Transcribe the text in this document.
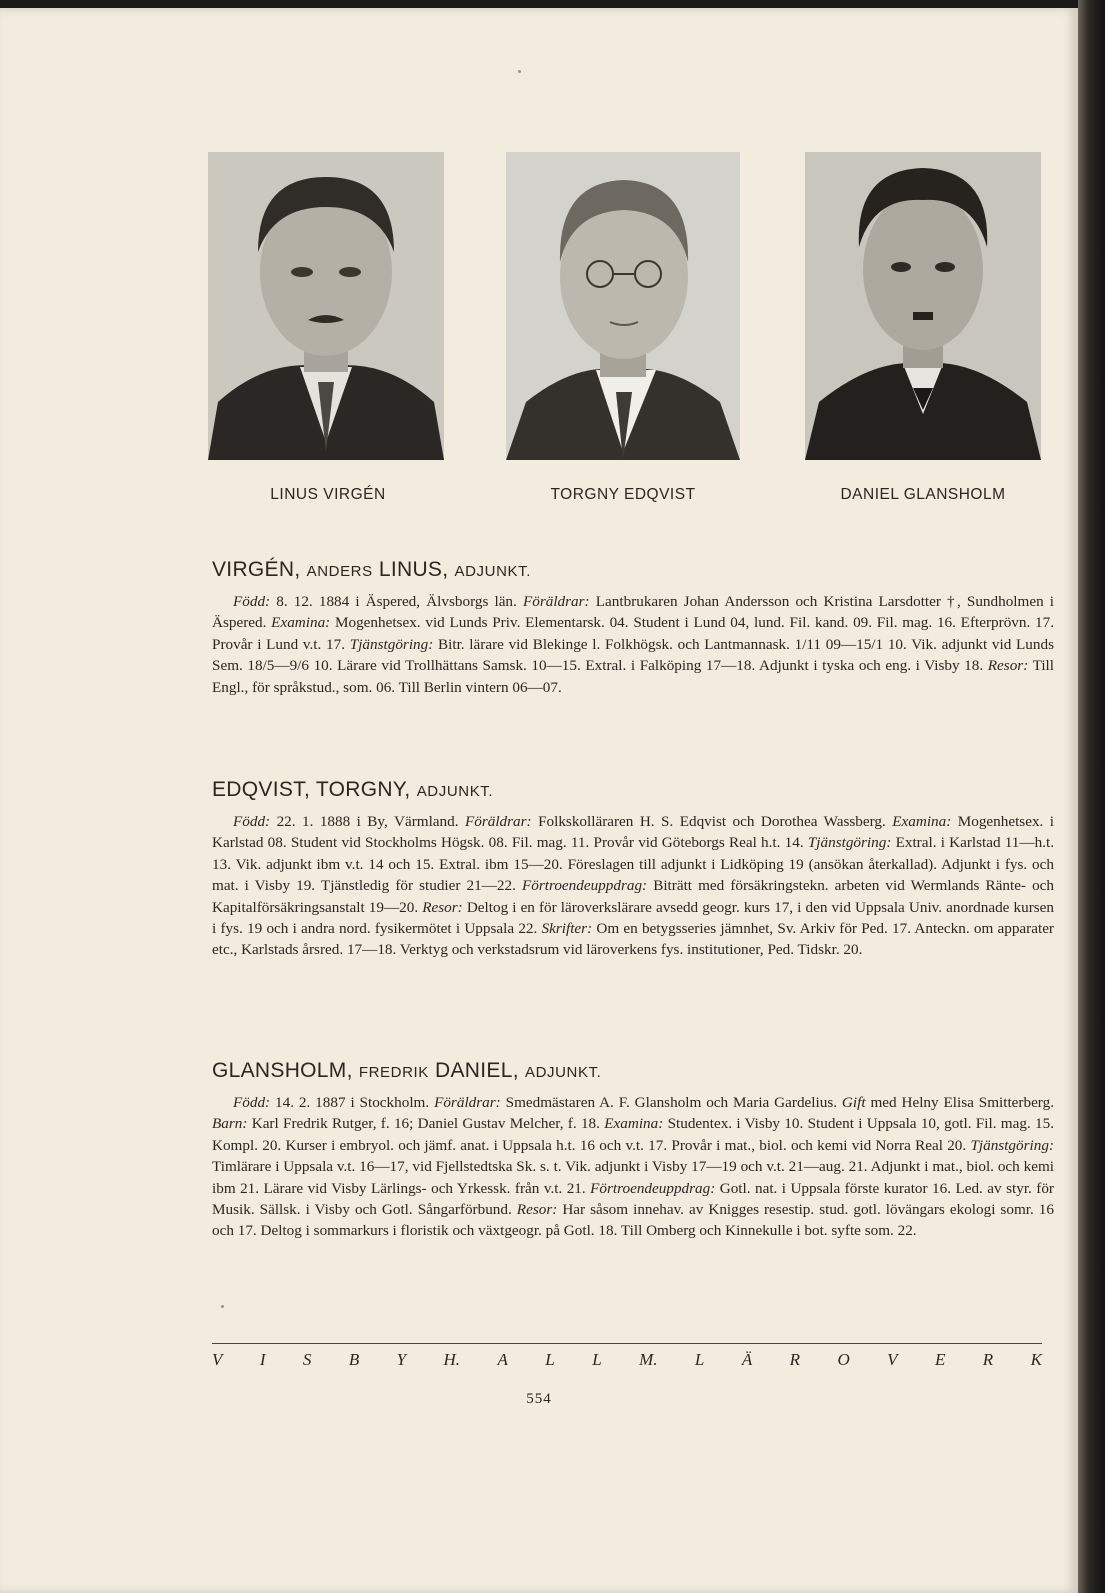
LINUS VIRGÉN	TORGNY EDQVIST	DANIEL GLANSHOLM
VIRGÉN, ANDERS LINUS, ADJUNKT.

Född: 8. 12. 1884 i Äspered, Älvsborgs län. Föräldrar: Lantbrukaren Johan Andersson och Kristina Larsdotter †, Sundholmen i Äspered. Examina: Mogenhetsex. vid Lunds Priv. Elementarsk. 04. Student i Lund 04, lund. Fil. kand. 09. Fil. mag. 16. Efterprövn. 17. Provår i Lund v.t. 17. Tjänstgöring: Bitr. lärare vid Blekinge l. Folkhögsk. och Lantmannask. 1/11 09—15/1 10. Vik. adjunkt vid Lunds Sem. 18/5—9/6 10. Lärare vid Trollhättans Samsk. 10—15. Extral. i Falköping 17—18. Adjunkt i tyska och eng. i Visby 18. Resor: Till Engl., för språkstud., som. 06. Till Berlin vintern 06—07.

EDQVIST, TORGNY, ADJUNKT.

Född: 22. 1. 1888 i By, Värmland. Föräldrar: Folkskolläraren H. S. Edqvist och Dorothea Wassberg. Examina: Mogenhetsex. i Karlstad 08. Student vid Stockholms Högsk. 08. Fil. mag. 11. Provår vid Göteborgs Real h.t. 14. Tjänstgöring: Extral. i Karlstad 11—h.t. 13. Vik. adjunkt ibm v.t. 14 och 15. Extral. ibm 15—20. Föreslagen till adjunkt i Lidköping 19 (ansökan återkallad). Adjunkt i fys. och mat. i Visby 19. Tjänstledig för studier 21—22. Förtroendeuppdrag: Biträtt med försäkringstekn. arbeten vid Wermlands Ränte- och Kapitalförsäkringsanstalt 19—20. Resor: Deltog i en för läroverkslärare avsedd geogr. kurs 17, i den vid Uppsala Univ. anordnade kursen i fys. 19 och i andra nord. fysikermötet i Uppsala 22. Skrifter: Om en betygsseries jämnhet, Sv. Arkiv för Ped. 17. Anteckn. om apparater etc., Karlstads årsred. 17—18. Verktyg och verkstadsrum vid läroverkens fys. institutioner, Ped. Tidskr. 20.

GLANSHOLM, FREDRIK DANIEL, ADJUNKT.

Född: 14. 2. 1887 i Stockholm. Föräldrar: Smedmästaren A. F. Glansholm och Maria Gardelius. Gift med Helny Elisa Smitterberg. Barn: Karl Fredrik Rutger, f. 16; Daniel Gustav Melcher, f. 18. Examina: Studentex. i Visby 10. Student i Uppsala 10, gotl. Fil. mag. 15. Kompl. 20. Kurser i embryol. och jämf. anat. i Uppsala h.t. 16 och v.t. 17. Provår i mat., biol. och kemi vid Norra Real 20. Tjänstgöring: Timlärare i Uppsala v.t. 16—17, vid Fjellstedtska Sk. s. t. Vik. adjunkt i Visby 17—19 och v.t. 21—aug. 21. Adjunkt i mat., biol. och kemi ibm 21. Lärare vid Visby Lärlings- och Yrkessk. från v.t. 21. Förtroendeuppdrag: Gotl. nat. i Uppsala förste kurator 16. Led. av styr. för Musik. Sällsk. i Visby och Gotl. Sångarförbund. Resor: Har såsom innehav. av Knigges resestip. stud. gotl. lövängars ekologi somr. 16 och 17. Deltog i sommarkurs i floristik och växtgeogr. på Gotl. 18. Till Omberg och Kinnekulle i bot. syfte som. 22.

V I S B Y H. A L L M. L Ä R O V E R K
554
